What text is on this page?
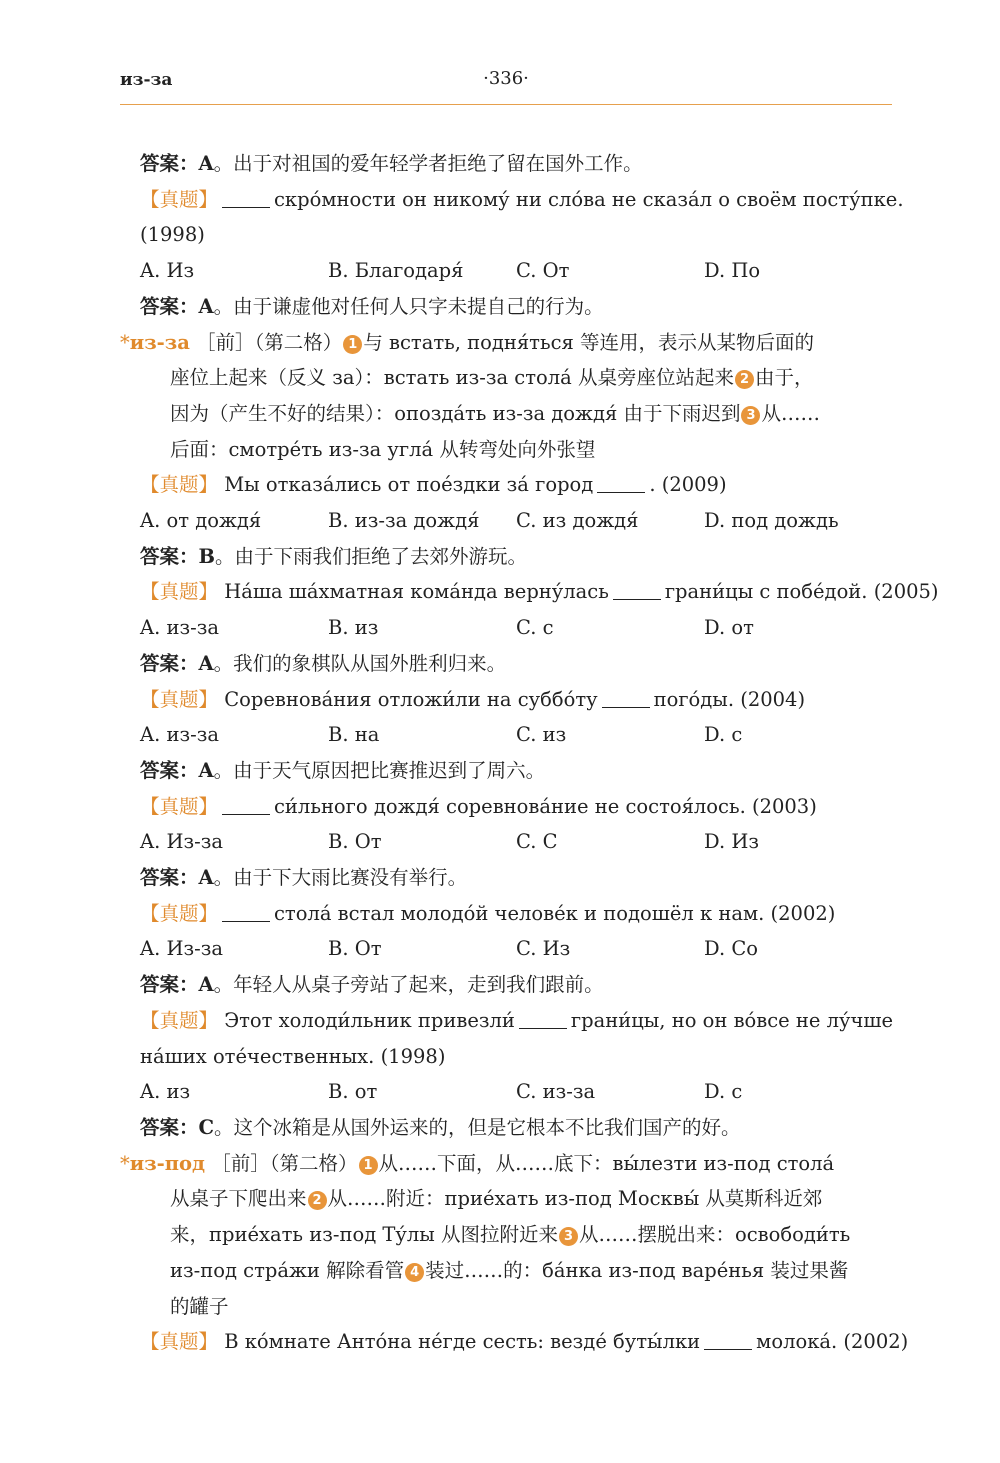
из-за	·336·
答案：A。出于对祖国的爱年轻学者拒绝了留在国外工作。
【真题】	скро́мности он никому́ ни сло́ва не сказа́л о своём посту́пке.
(1998)
A. Из	B. Благодаря́	C. От	D. По
答案：A。由于谦虚他对任何人只字未提自己的行为。
*из-за ［前］（第二格） 1 与 встать, подня́ться 等连用，表示从某物后面的
座位上起来（反义 за）：встать из-за стола́ 从桌旁座位站起来 2 由于，
因为（产生不好的结果）：опозда́ть из-за дождя́ 由于下雨迟到 3 从……
后面：смотре́ть из-за угла́ 从转弯处向外张望
【真题】 Мы отказа́лись от поéздки за́ город	. (2009)
A. от дождя́	B. из-за дождя́	C. из дождя́	D. под дождь
答案：B。由于下雨我们拒绝了去郊外游玩。
【真题】 На́ша ша́хматная кома́нда верну́лась	грани́цы с побе́дой. (2005)
A. из-за	B. из	C. с	D. от
答案：A。我们的象棋队从国外胜利归来。
【真题】 Соревнова́ния отложи́ли на суббо́ту	пого́ды. (2004)
A. из-за	B. на	C. из	D. с
答案：A。由于天气原因把比赛推迟到了周六。
【真题】	си́льного дождя́ соревнова́ние не состоя́лось. (2003)
A. Из-за	B. От	C. С	D. Из
答案：A。由于下大雨比赛没有举行。
【真题】	стола́ встал молодо́й челове́к и подошёл к нам. (2002)
A. Из-за	B. От	C. Из	D. Со
答案：A。年轻人从桌子旁站了起来，走到我们跟前。
【真题】 Этот холоди́льник привезли́	грани́цы, но он во́все не лу́чше
на́ших оте́чественных. (1998)
A. из	B. от	C. из-за	D. с
答案：C。这个冰箱是从国外运来的，但是它根本不比我们国产的好。
*из-под ［前］（第二格） 1 从……下面，从……底下：вы́лезти из-под стола́
从桌子下爬出来 2 从……附近：прие́хать из-под Москвы́ 从莫斯科近郊
来，прие́хать из-под Ту́лы 从图拉附近来 3 从……摆脱出来：освободи́ть
из-под стра́жи 解除看管 4 装过……的：ба́нка из-под варе́нья 装过果酱
的罐子
【真题】 В ко́мнате Анто́на не́где сесть: везде́ буты́лки	молока́. (2002)
